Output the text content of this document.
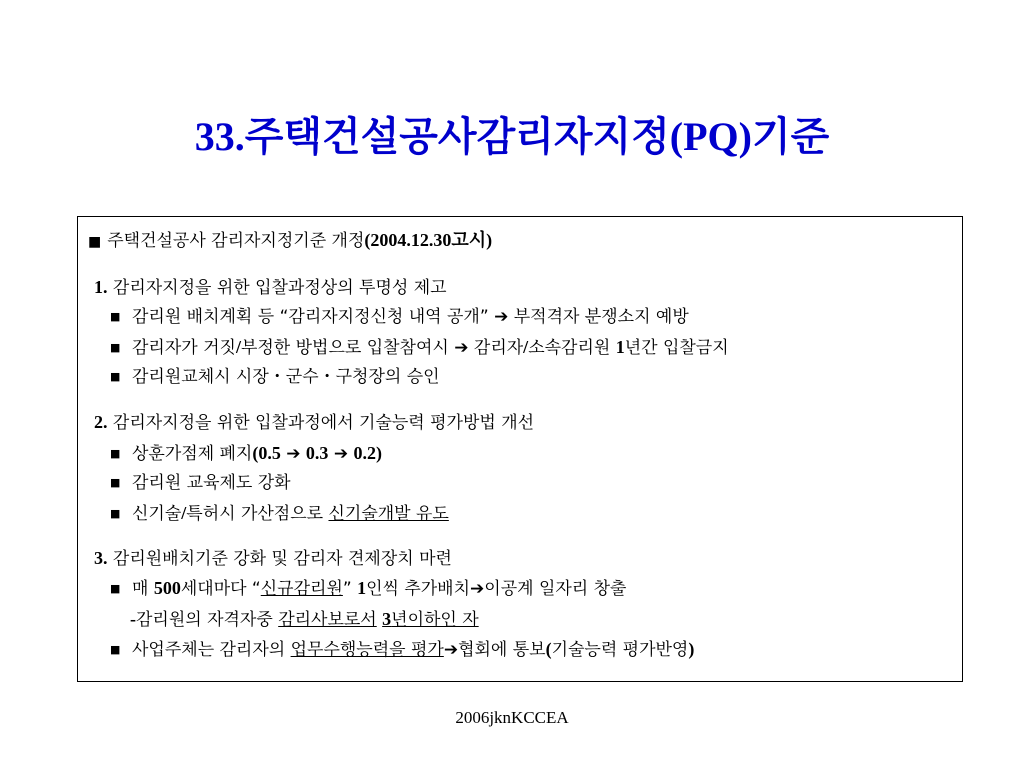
33.주택건설공사감리자지정(PQ)기준
■ 주택건설공사 감리자지정기준 개정(2004.12.30고시)
1. 감리자지정을 위한 입찰과정상의 투명성 제고
■ 감리원 배치계획 등 “감리자지정신청 내역 공개” ➔ 부적격자 분쟁소지 예방
■ 감리자가 거짓/부정한 방법으로 입찰참여시 ➔ 감리자/소속감리원 1년간 입찰금지
■ 감리원교체시 시장・군수・구청장의 승인
2. 감리자지정을 위한 입찰과정에서 기술능력 평가방법 개선
■ 상훈가점제 폐지(0.5 ➔ 0.3 ➔ 0.2)
■ 감리원 교육제도 강화
■ 신기술/특허시 가산점으로 신기술개발 유도
3. 감리원배치기준 강화 및 감리자 견제장치 마련
■ 매 500세대마다 “신규감리원” 1인씩 추가배치➔이공계 일자리 창출
-감리원의 자격자중 감리사보로서 3년이하인 자
■ 사업주체는 감리자의 업무수행능력을 평가➔협회에 통보(기술능력 평가반영)
2006jknKCCEA
